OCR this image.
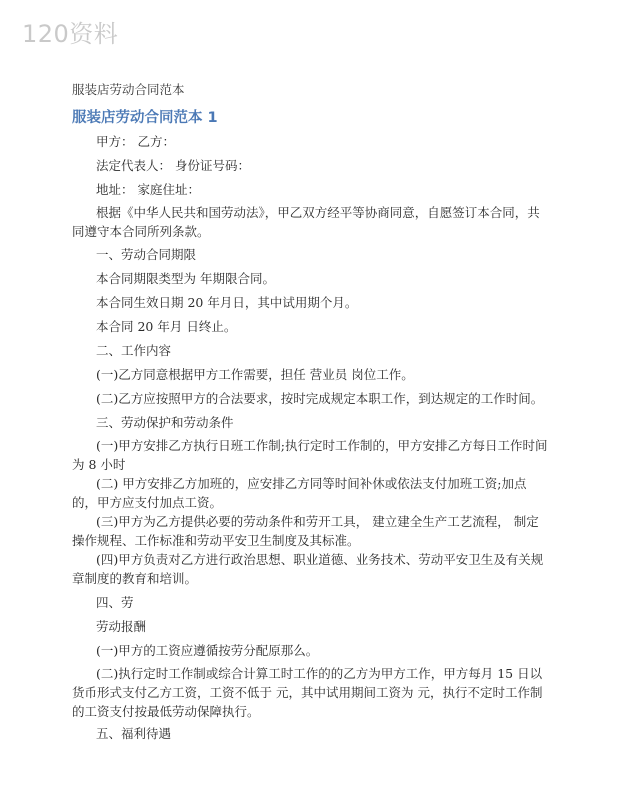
120资料
服装店劳动合同范本
服装店劳动合同范本 1
甲方： 乙方：
法定代表人： 身份证号码：
地址： 家庭住址：
根据《中华人民共和国劳动法》，甲乙双方经平等协商同意，自愿签订本合同，共同遵守本合同所列条款。
一、劳动合同期限
本合同期限类型为 年期限合同。
本合同生效日期 20 年月日，其中试用期个月。
本合同 20 年月 日终止。
二、工作内容
(一)乙方同意根据甲方工作需要，担任 营业员 岗位工作。
(二)乙方应按照甲方的合法要求，按时完成规定本职工作，到达规定的工作时间。
三、劳动保护和劳动条件
(一)甲方安排乙方执行日班工作制;执行定时工作制的，甲方安排乙方每日工作时间为 8 小时
(二) 甲方安排乙方加班的，应安排乙方同等时间补休或依法支付加班工资;加点的，甲方应支付加点工资。
(三)甲方为乙方提供必要的劳动条件和劳开工具， 建立建全生产工艺流程， 制定操作规程、工作标准和劳动平安卫生制度及其标准。
(四)甲方负责对乙方进行政治思想、职业道德、业务技术、劳动平安卫生及有关规章制度的教育和培训。
四、劳
劳动报酬
(一)甲方的工资应遵循按劳分配原那么。
(二)执行定时工作制或综合计算工时工作的的乙方为甲方工作，甲方每月 15 日以货币形式支付乙方工资，工资不低于 元，其中试用期间工资为 元，执行不定时工作制的工资支付按最低劳动保障执行。
五、福利待遇
